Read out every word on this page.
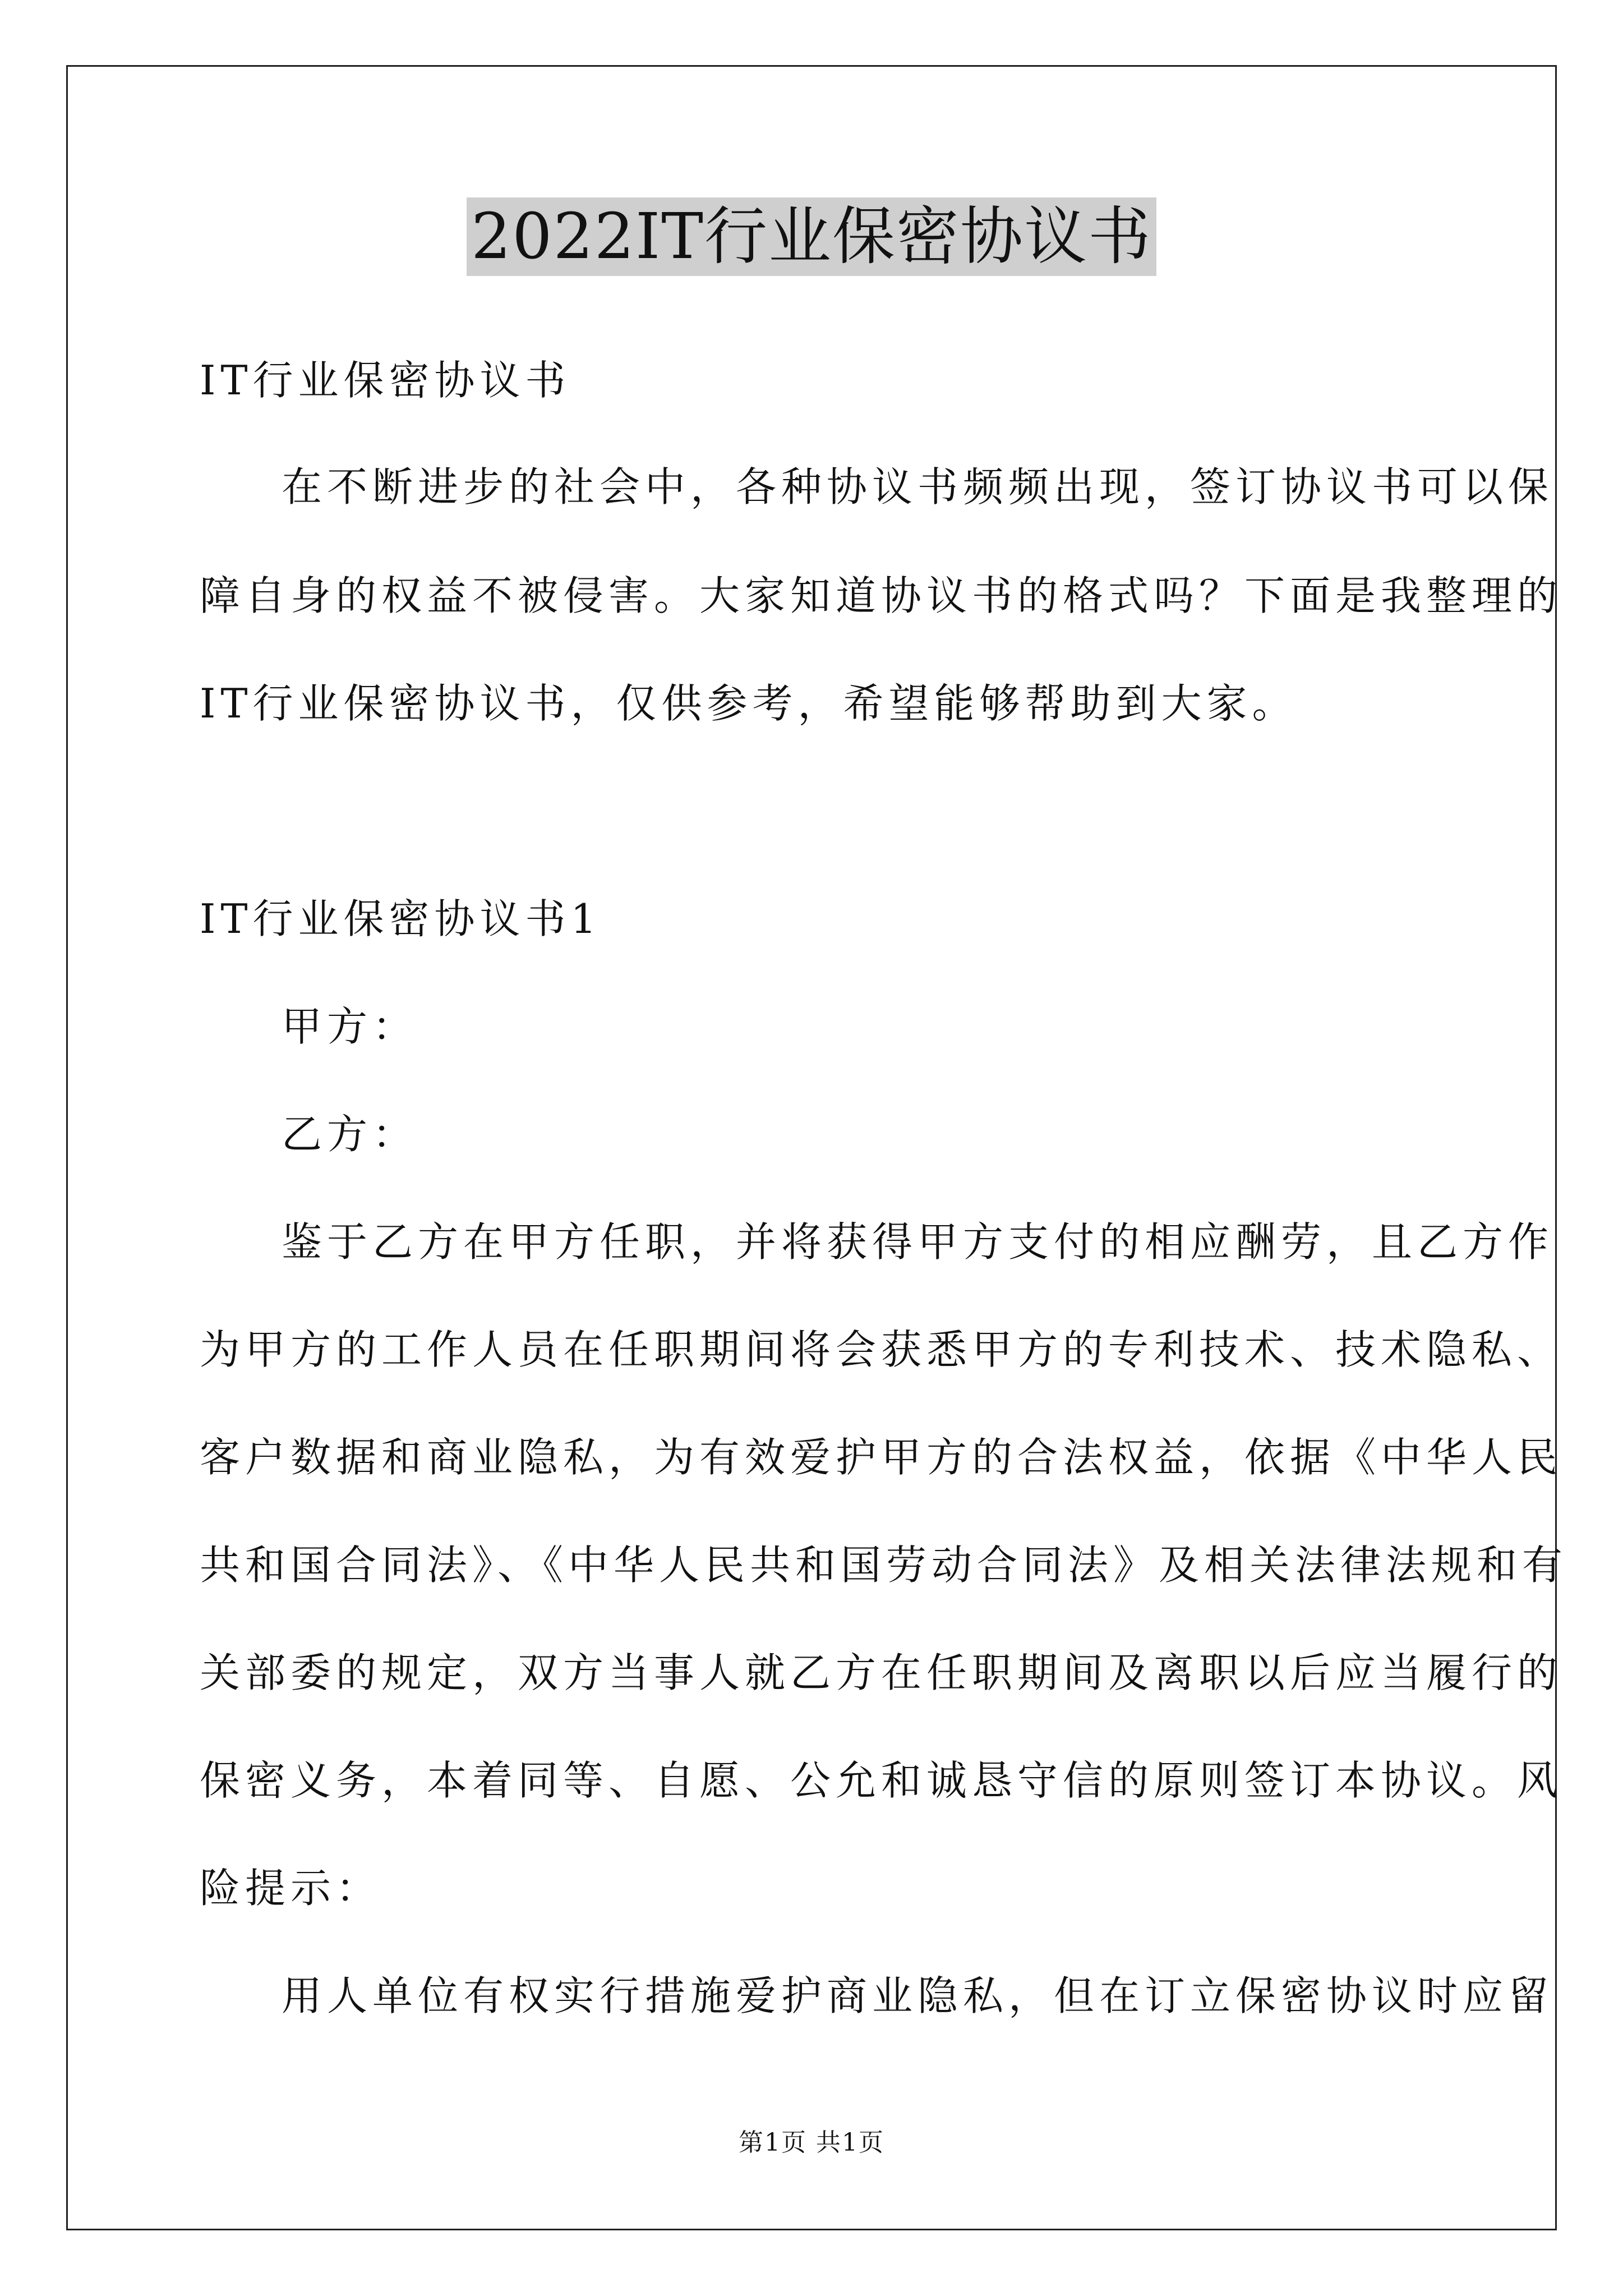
2022IT行业保密协议书
IT行业保密协议书
在不断进步的社会中，各种协议书频频出现，签订协议书可以保
障自身的权益不被侵害。大家知道协议书的格式吗？下面是我整理的
IT行业保密协议书，仅供参考，希望能够帮助到大家。
IT行业保密协议书1
甲方：
乙方：
鉴于乙方在甲方任职，并将获得甲方支付的相应酬劳，且乙方作
为甲方的工作人员在任职期间将会获悉甲方的专利技术、技术隐私、
客户数据和商业隐私，为有效爱护甲方的合法权益，依据《中华人民
共和国合同法》、《中华人民共和国劳动合同法》及相关法律法规和有
关部委的规定，双方当事人就乙方在任职期间及离职以后应当履行的
保密义务，本着同等、自愿、公允和诚恳守信的原则签订本协议。风
险提示：
用人单位有权实行措施爱护商业隐私，但在订立保密协议时应留
第1页 共1页
